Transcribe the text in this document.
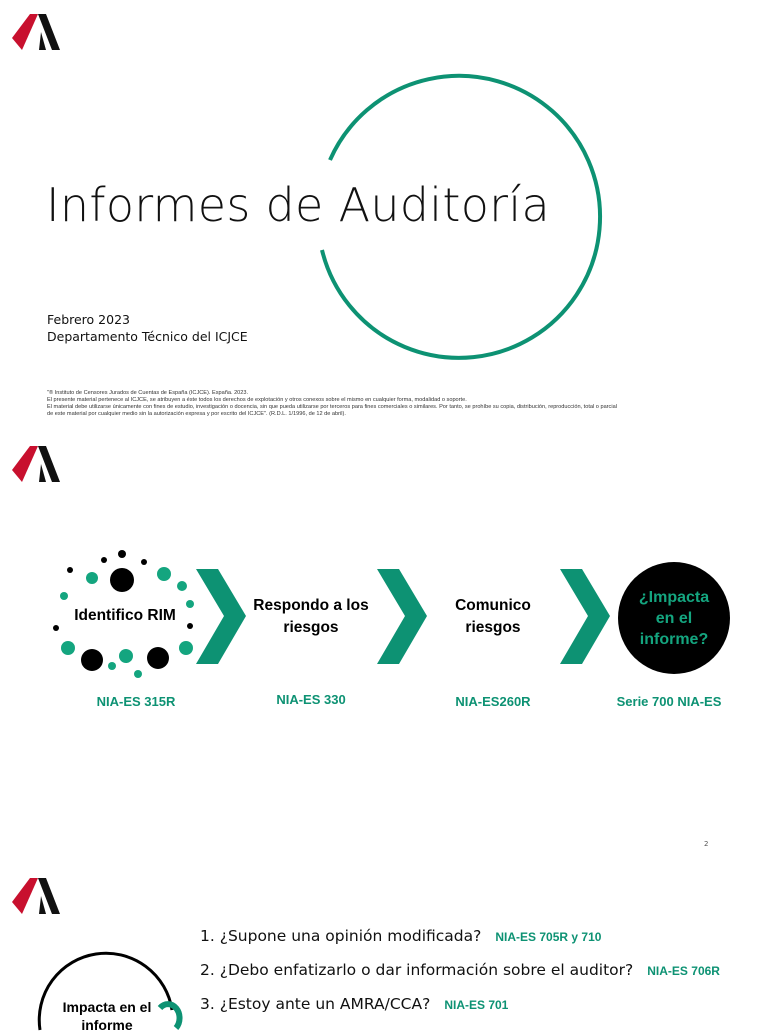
Informes de Auditoría
Febrero 2023
Departamento Técnico del ICJCE
"® Instituto de Censores Jurados de Cuentas de España (ICJCE). España. 2023.
El presente material pertenece al ICJCE, se atribuyen a éste todos los derechos de explotación y otros conexos sobre el mismo en cualquier forma, modalidad o soporte.
El material debe utilizarse únicamente con fines de estudio, investigación o docencia, sin que pueda utilizarse por terceros para fines comerciales o similares. Por tanto, se prohíbe su copia, distribución, reproducción, total o parcial
de este material por cualquier medio sin la autorización expresa y por escrito del ICJCE". (R.D.L. 1/1996, de 12 de abril).
Identifico RIM
Respondo a los riesgos
Comunico riesgos
¿Impacta en el informe?
NIA-ES 315R	NIA-ES 330	NIA-ES260R	Serie 700 NIA-ES
2
1. ¿Supone una opinión modificada? NIA-ES 705R y 710
2. ¿Debo enfatizarlo o dar información sobre el auditor? NIA-ES 706R
3. ¿Estoy ante un AMRA/CCA? NIA-ES 701
Impacta en el informe
